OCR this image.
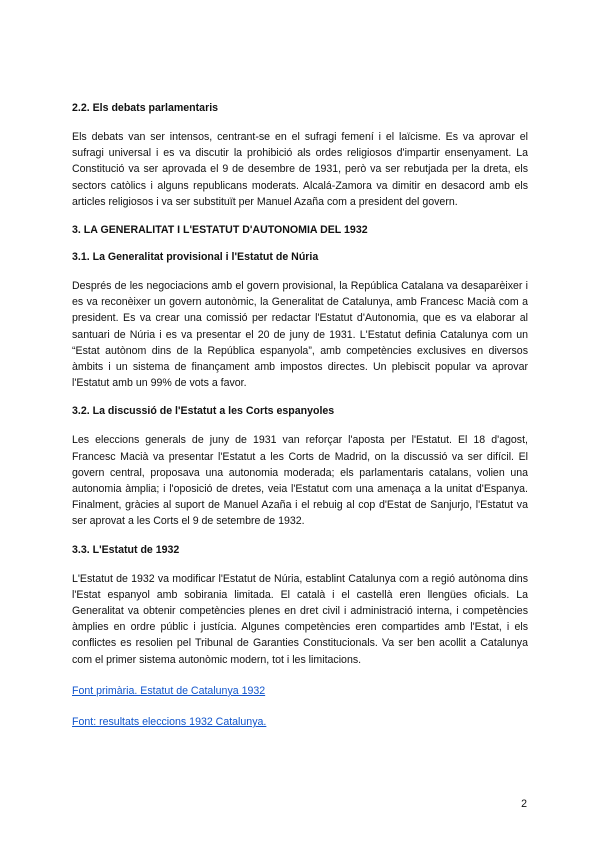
2.2. Els debats parlamentaris

Els debats van ser intensos, centrant-se en el sufragi femení i el laïcisme. Es va aprovar el sufragi universal i es va discutir la prohibició als ordes religiosos d'impartir ensenyament. La Constitució va ser aprovada el 9 de desembre de 1931, però va ser rebutjada per la dreta, els sectors catòlics i alguns republicans moderats. Alcalá-Zamora va dimitir en desacord amb els articles religiosos i va ser substituït per Manuel Azaña com a president del govern.

3. LA GENERALITAT I L'ESTATUT D'AUTONOMIA DEL 1932
3.1. La Generalitat provisional i l'Estatut de Núria

Després de les negociacions amb el govern provisional, la República Catalana va desaparèixer i es va reconèixer un govern autonòmic, la Generalitat de Catalunya, amb Francesc Macià com a president. Es va crear una comissió per redactar l'Estatut d'Autonomia, que es va elaborar al santuari de Núria i es va presentar el 20 de juny de 1931. L'Estatut definia Catalunya com un “Estat autònom dins de la República espanyola”, amb competències exclusives en diversos àmbits i un sistema de finançament amb impostos directes. Un plebiscit popular va aprovar l'Estatut amb un 99% de vots a favor.

3.2. La discussió de l'Estatut a les Corts espanyoles

Les eleccions generals de juny de 1931 van reforçar l'aposta per l'Estatut. El 18 d'agost, Francesc Macià va presentar l'Estatut a les Corts de Madrid, on la discussió va ser difícil. El govern central, proposava una autonomia moderada; els parlamentaris catalans, volien una autonomia àmplia; i l'oposició de dretes, veia l'Estatut com una amenaça a la unitat d'Espanya. Finalment, gràcies al suport de Manuel Azaña i el rebuig al cop d'Estat de Sanjurjo, l'Estatut va ser aprovat a les Corts el 9 de setembre de 1932.

3.3. L'Estatut de 1932

L'Estatut de 1932 va modificar l'Estatut de Núria, establint Catalunya com a regió autònoma dins l'Estat espanyol amb sobirania limitada. El català i el castellà eren llengües oficials. La Generalitat va obtenir competències plenes en dret civil i administració interna, i competències àmplies en ordre públic i justícia. Algunes competències eren compartides amb l'Estat, i els conflictes es resolien pel Tribunal de Garanties Constitucionals. Va ser ben acollit a Catalunya com el primer sistema autonòmic modern, tot i les limitacions.

Font primària. Estatut de Catalunya 1932
Font: resultats eleccions 1932 Catalunya.
2
